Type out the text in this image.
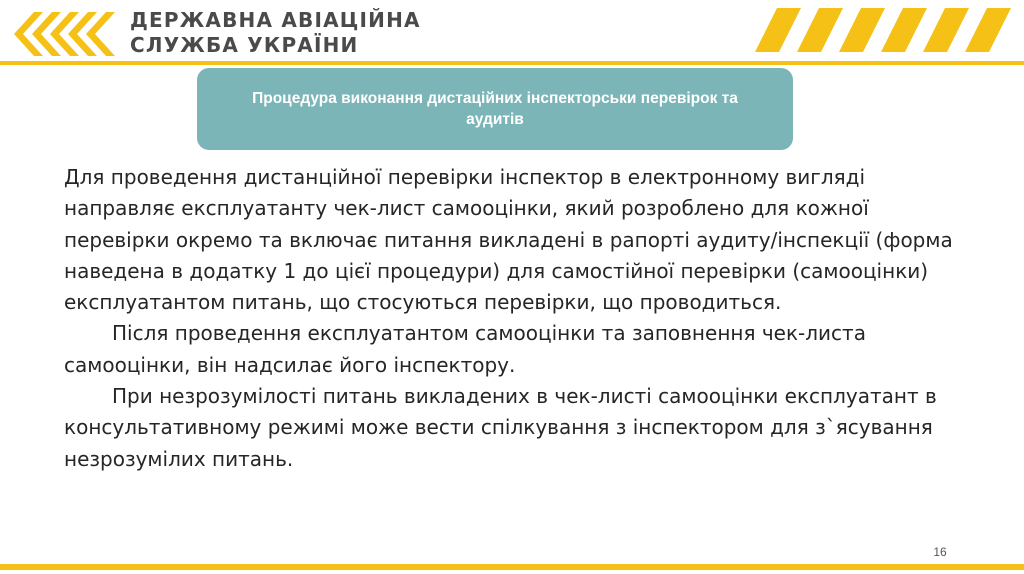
ДЕРЖАВНА АВІАЦІЙНА
СЛУЖБА УКРАЇНИ
Процедура виконання дистаційних інспекторськи перевірок та аудитів

Для проведення дистанційної перевірки інспектор в електронному вигляді направляє експлуатанту чек-лист самооцінки, який розроблено для кожної перевірки окремо та включає питання викладені в рапорті аудиту/інспекції (форма наведена в додатку 1 до цієї процедури) для самостійної перевірки (самооцінки) експлуатантом питань, що стосуються перевірки, що проводиться.

Після проведення експлуатантом самооцінки та заповнення чек-листа самооцінки, він надсилає його інспектору.

При незрозумілості питань викладених в чек-листі самооцінки експлуатант в консультативному режимі може вести спілкування з інспектором для з`ясування незрозумілих питань.

16
